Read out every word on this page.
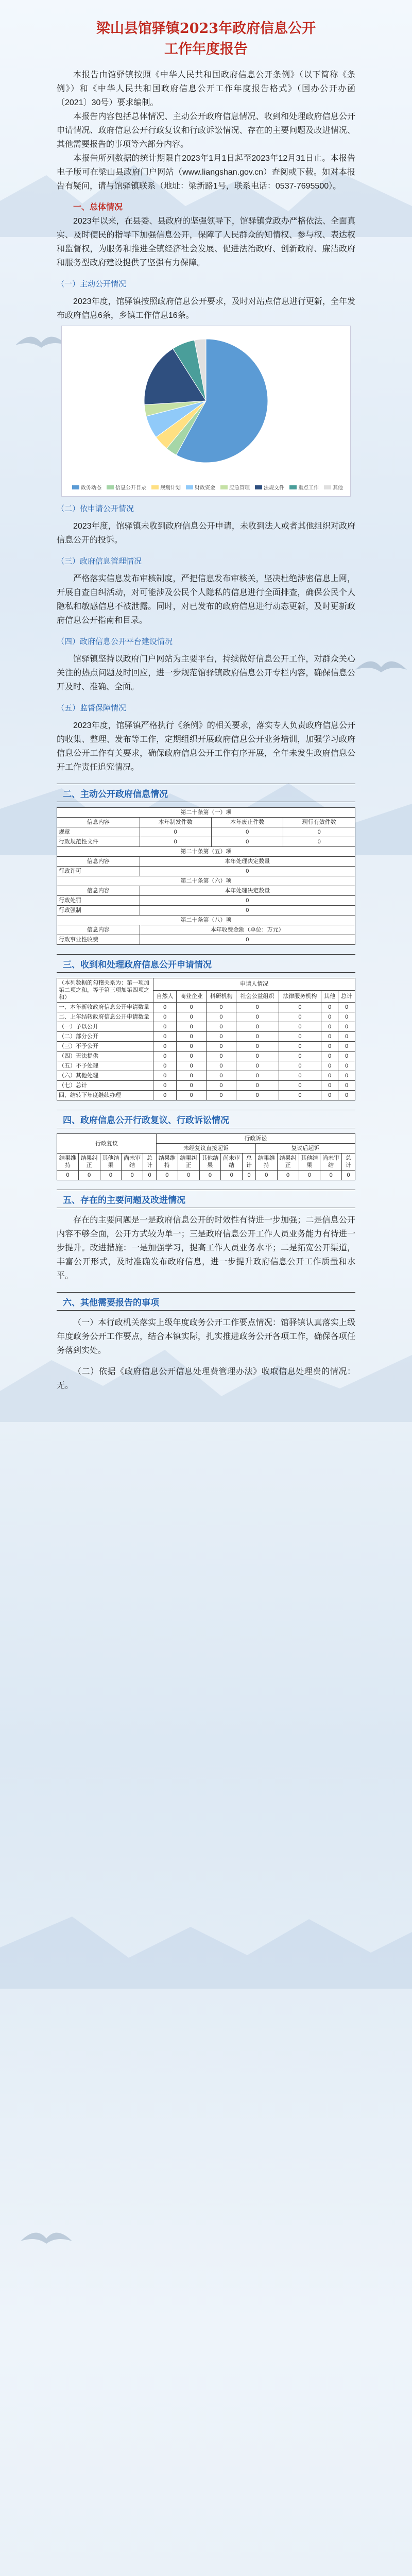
梁山县馆驿镇2023年政府信息公开
工作年度报告

本报告由馆驿镇按照《中华人民共和国政府信息公开条例》（以下简称《条例》）和《中华人民共和国政府信息公开工作年度报告格式》（国办公开办函〔2021〕30号）要求编制。

本报告内容包括总体情况、主动公开政府信息情况、收到和处理政府信息公开申请情况、政府信息公开行政复议和行政诉讼情况、存在的主要问题及改进情况、其他需要报告的事项等六部分内容。

本报告所列数据的统计期限自2023年1月1日起至2023年12月31日止。本报告电子版可在梁山县政府门户网站（www.liangshan.gov.cn）查阅或下载。如对本报告有疑问，请与馆驿镇联系（地址：梁新路1号，联系电话：0537-7695500）。

一、总体情况

2023年以来，在县委、县政府的坚强领导下，馆驿镇党政办严格依法、全面真实、及时便民的指导下加强信息公开，保障了人民群众的知情权、参与权、表达权和监督权，为服务和推进全镇经济社会发展、促进法治政府、创新政府、廉洁政府和服务型政府建设提供了坚强有力保障。

（一）主动公开情况

2023年度，馆驿镇按照政府信息公开要求，及时对站点信息进行更新，全年发布政府信息6条，乡镇工作信息16条。

政务动态	信息公开目录	规划计划	财政资金	应急管理	法规文件	重点工作	其他
（二）依申请公开情况

2023年度，馆驿镇未收到政府信息公开申请，未收到法人或者其他组织对政府信息公开的投诉。

（三）政府信息管理情况

严格落实信息发布审核制度，严把信息发布审核关，坚决杜绝涉密信息上网，开展自查自纠活动，对可能涉及公民个人隐私的信息进行全面排查，确保公民个人隐私和敏感信息不被泄露。同时，对已发布的政府信息进行动态更新，及时更新政府信息公开指南和目录。

（四）政府信息公开平台建设情况

馆驿镇坚持以政府门户网站为主要平台，持续做好信息公开工作，对群众关心关注的热点问题及时回应，进一步规范馆驿镇政府信息公开专栏内容，确保信息公开及时、准确、全面。

（五）监督保障情况

2023年度，馆驿镇严格执行《条例》的相关要求，落实专人负责政府信息公开的收集、整理、发布等工作，定期组织开展政府信息公开业务培训，加强学习政府信息公开工作有关要求，确保政府信息公开工作有序开展，全年未发生政府信息公开工作责任追究情况。

二、主动公开政府信息情况
第二十条第（一）项			
信息内容	本年制发件数	本年废止件数	现行有效件数
规章	0	0	0
行政规范性文件	0	0	0
第二十条第（五）项			
信息内容	本年处理决定数量		
行政许可	0		
第二十条第（六）项			
信息内容	本年处理决定数量		
行政处罚	0		
行政强制	0		
第二十条第（八）项			
信息内容	本年收费金额（单位：万元）		
行政事业性收费	0		
三、收到和处理政府信息公开申请情况
（本列数据的勾稽关系为：第一项加第二项之和，等于第三项加第四项之和）	申请人情况						
	自然人	商业企业	科研机构	社会公益组织	法律服务机构	其他	总计
一、本年新收政府信息公开申请数量	0	0	0	0	0	0	0
二、上年结转政府信息公开申请数量	0	0	0	0	0	0	0
（一）予以公开	0	0	0	0	0	0	0
（二）部分公开	0	0	0	0	0	0	0
（三）不予公开	0	0	0	0	0	0	0
（四）无法提供	0	0	0	0	0	0	0
（五）不予处理	0	0	0	0	0	0	0
（六）其他处理	0	0	0	0	0	0	0
（七）总计	0	0	0	0	0	0	0
四、结转下年度继续办理	0	0	0	0	0	0	0
四、政府信息公开行政复议、行政诉讼情况
行政复议					行政诉讼									
					未经复议直接起诉					复议后起诉				
结果维持	结果纠正	其他结果	尚未审结	总计	结果维持	结果纠正	其他结果	尚未审结	总计	结果维持	结果纠正	其他结果	尚未审结	总计
0	0	0	0	0	0	0	0	0	0	0	0	0	0	0
五、存在的主要问题及改进情况

存在的主要问题是一是政府信息公开的时效性有待进一步加强；二是信息公开内容不够全面，公开方式较为单一；三是政府信息公开工作人员业务能力有待进一步提升。改进措施：一是加强学习，提高工作人员业务水平；二是拓宽公开渠道，丰富公开形式，及时准确发布政府信息，进一步提升政府信息公开工作质量和水平。

六、其他需要报告的事项

（一）本行政机关落实上级年度政务公开工作要点情况：馆驿镇认真落实上级年度政务公开工作要点，结合本镇实际，扎实推进政务公开各项工作，确保各项任务落到实处。

（二）依据《政府信息公开信息处理费管理办法》收取信息处理费的情况：无。
